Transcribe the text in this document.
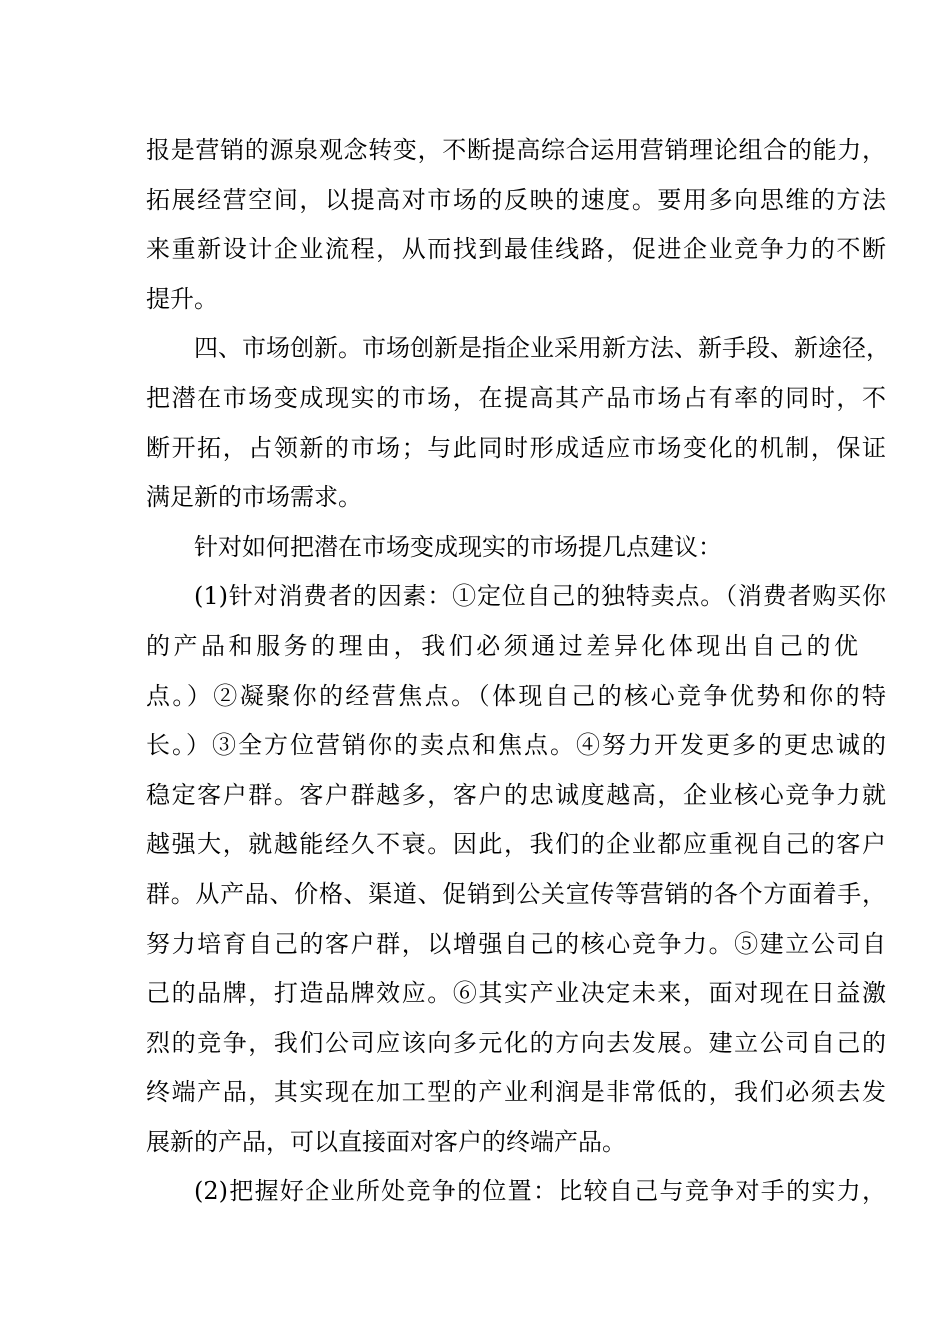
报是营销的源泉观念转变，不断提高综合运用营销理论组合的能力，
拓展经营空间，以提高对市场的反映的速度。要用多向思维的方法
来重新设计企业流程，从而找到最佳线路，促进企业竞争力的不断
提升。
四、市场创新。市场创新是指企业采用新方法、新手段、新途径，
把潜在市场变成现实的市场，在提高其产品市场占有率的同时，不
断开拓，占领新的市场；与此同时形成适应市场变化的机制，保证
满足新的市场需求。
针对如何把潜在市场变成现实的市场提几点建议：
(1)针对消费者的因素：①定位自己的独特卖点。（消费者购买你
的产品和服务的理由，我们必须通过差异化体现出自己的优
点。）②凝聚你的经营焦点。（体现自己的核心竞争优势和你的特
长。）③全方位营销你的卖点和焦点。④努力开发更多的更忠诚的
稳定客户群。客户群越多，客户的忠诚度越高，企业核心竞争力就
越强大，就越能经久不衰。因此，我们的企业都应重视自己的客户
群。从产品、价格、渠道、促销到公关宣传等营销的各个方面着手，
努力培育自己的客户群，以增强自己的核心竞争力。⑤建立公司自
己的品牌，打造品牌效应。⑥其实产业决定未来，面对现在日益激
烈的竞争，我们公司应该向多元化的方向去发展。建立公司自己的
终端产品，其实现在加工型的产业利润是非常低的，我们必须去发
展新的产品，可以直接面对客户的终端产品。
(2)把握好企业所处竞争的位置：比较自己与竞争对手的实力，
